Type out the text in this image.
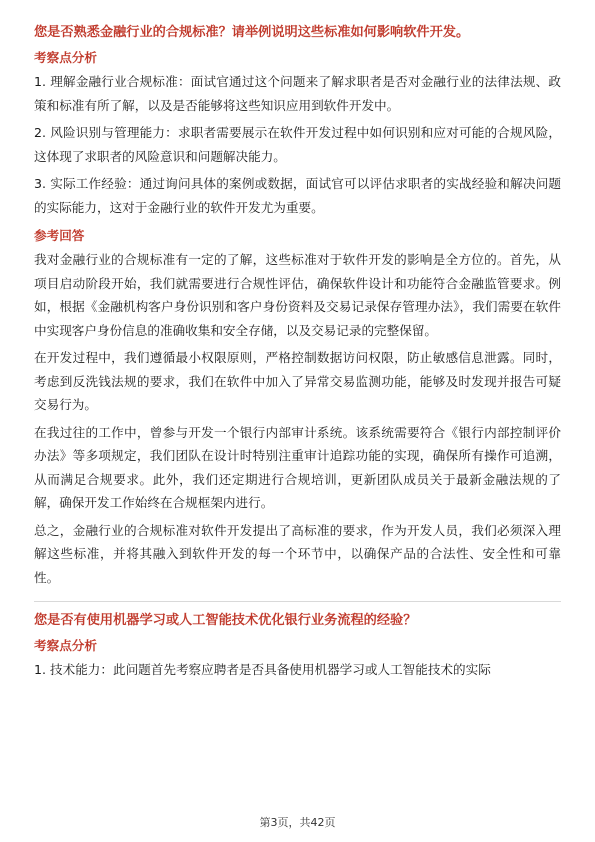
您是否熟悉金融行业的合规标准？请举例说明这些标准如何影响软件开发。
考察点分析
1. 理解金融行业合规标准：面试官通过这个问题来了解求职者是否对金融行业的法律法规、政策和标准有所了解，以及是否能够将这些知识应用到软件开发中。
2. 风险识别与管理能力：求职者需要展示在软件开发过程中如何识别和应对可能的合规风险，这体现了求职者的风险意识和问题解决能力。
3. 实际工作经验：通过询问具体的案例或数据，面试官可以评估求职者的实战经验和解决问题的实际能力，这对于金融行业的软件开发尤为重要。
参考回答
我对金融行业的合规标准有一定的了解，这些标准对于软件开发的影响是全方位的。首先，从项目启动阶段开始，我们就需要进行合规性评估，确保软件设计和功能符合金融监管要求。例如，根据《金融机构客户身份识别和客户身份资料及交易记录保存管理办法》，我们需要在软件中实现客户身份信息的准确收集和安全存储，以及交易记录的完整保留。
在开发过程中，我们遵循最小权限原则，严格控制数据访问权限，防止敏感信息泄露。同时，考虑到反洗钱法规的要求，我们在软件中加入了异常交易监测功能，能够及时发现并报告可疑交易行为。
在我过往的工作中，曾参与开发一个银行内部审计系统。该系统需要符合《银行内部控制评价办法》等多项规定，我们团队在设计时特别注重审计追踪功能的实现，确保所有操作可追溯，从而满足合规要求。此外，我们还定期进行合规培训，更新团队成员关于最新金融法规的了解，确保开发工作始终在合规框架内进行。
总之，金融行业的合规标准对软件开发提出了高标准的要求，作为开发人员，我们必须深入理解这些标准，并将其融入到软件开发的每一个环节中，以确保产品的合法性、安全性和可靠性。
您是否有使用机器学习或人工智能技术优化银行业务流程的经验？
考察点分析
1. 技术能力：此问题首先考察应聘者是否具备使用机器学习或人工智能技术的实际
第3页，共42页
